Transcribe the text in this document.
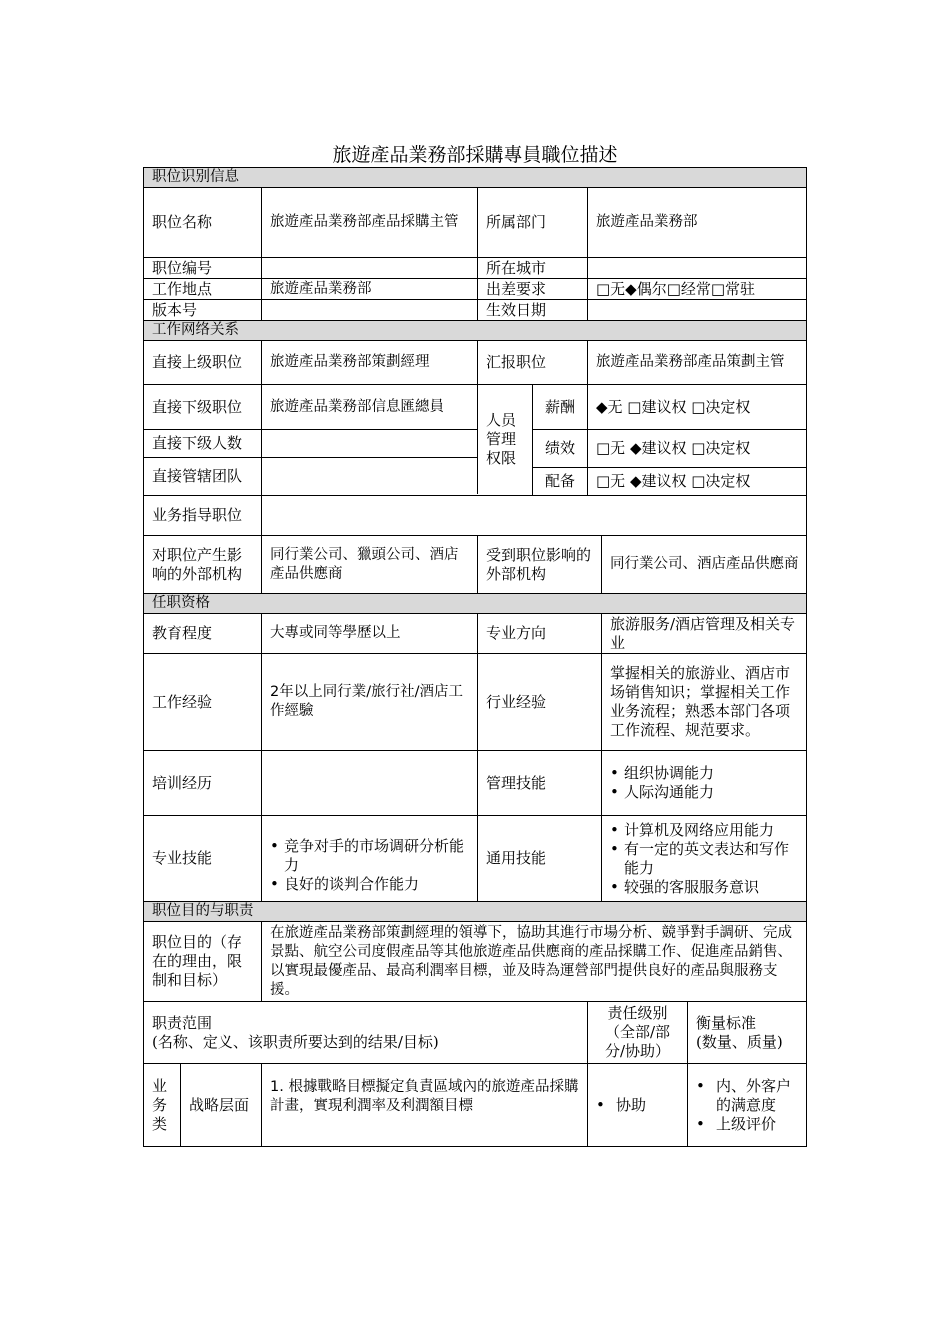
旅遊產品業務部採購專員職位描述
职位识别信息
职位名称	旅遊產品業務部產品採購主管	所属部门	旅遊產品業務部
职位编号	所在城市
工作地点	旅遊產品業務部	出差要求	□无◆偶尔□经常□常驻
版本号	生效日期
工作网络关系
直接上级职位	旅遊產品業務部策劃經理	汇报职位	旅遊產品業務部產品策劃主管
直接下级职位	旅遊產品業務部信息匯總員
人员管理权限
薪酬	◆无 □建议权 □决定权
直接下级人数	绩效	□无 ◆建议权 □决定权
直接管辖团队	配备	□无 ◆建议权 □决定权
业务指导职位
对职位产生影响的外部机构
同行業公司、獵頭公司、酒店產品供應商
受到职位影响的外部机构
同行業公司、酒店產品供應商
任职资格
教育程度	大專或同等學歷以上	专业方向
旅游服务/酒店管理及相关专业
工作经验
2年以上同行業/旅行社/酒店工作經驗
行业经验
掌握相关的旅游业、酒店市场销售知识；掌握相关工作业务流程；熟悉本部门各项工作流程、规范要求。
培训经历	管理技能
• 组织协调能力
• 人际沟通能力
专业技能
• 竞争对手的市场调研分析能力
• 良好的谈判合作能力
通用技能
• 计算机及网络应用能力
• 有一定的英文表达和写作能力
• 较强的客服服务意识
职位目的与职责
职位目的（存在的理由，限制和目标）
在旅遊產品業務部策劃經理的領導下，協助其進行市場分析、競爭對手調研、完成景點、航空公司度假產品等其他旅遊產品供應商的產品採購工作、促進產品銷售、以實現最優產品、最高利潤率目標，並及時為運營部門提供良好的產品與服務支援。
职责范围
(名称、定义、该职责所要达到的结果/目标)
责任级别（全部/部分/协助）
衡量标准
(数量、质量)
业务类
战略层面
1. 根據戰略目標擬定負責區域內的旅遊產品採購計畫，實現利潤率及利潤額目標
•	协助
• 内、外客户的满意度
• 上级评价
